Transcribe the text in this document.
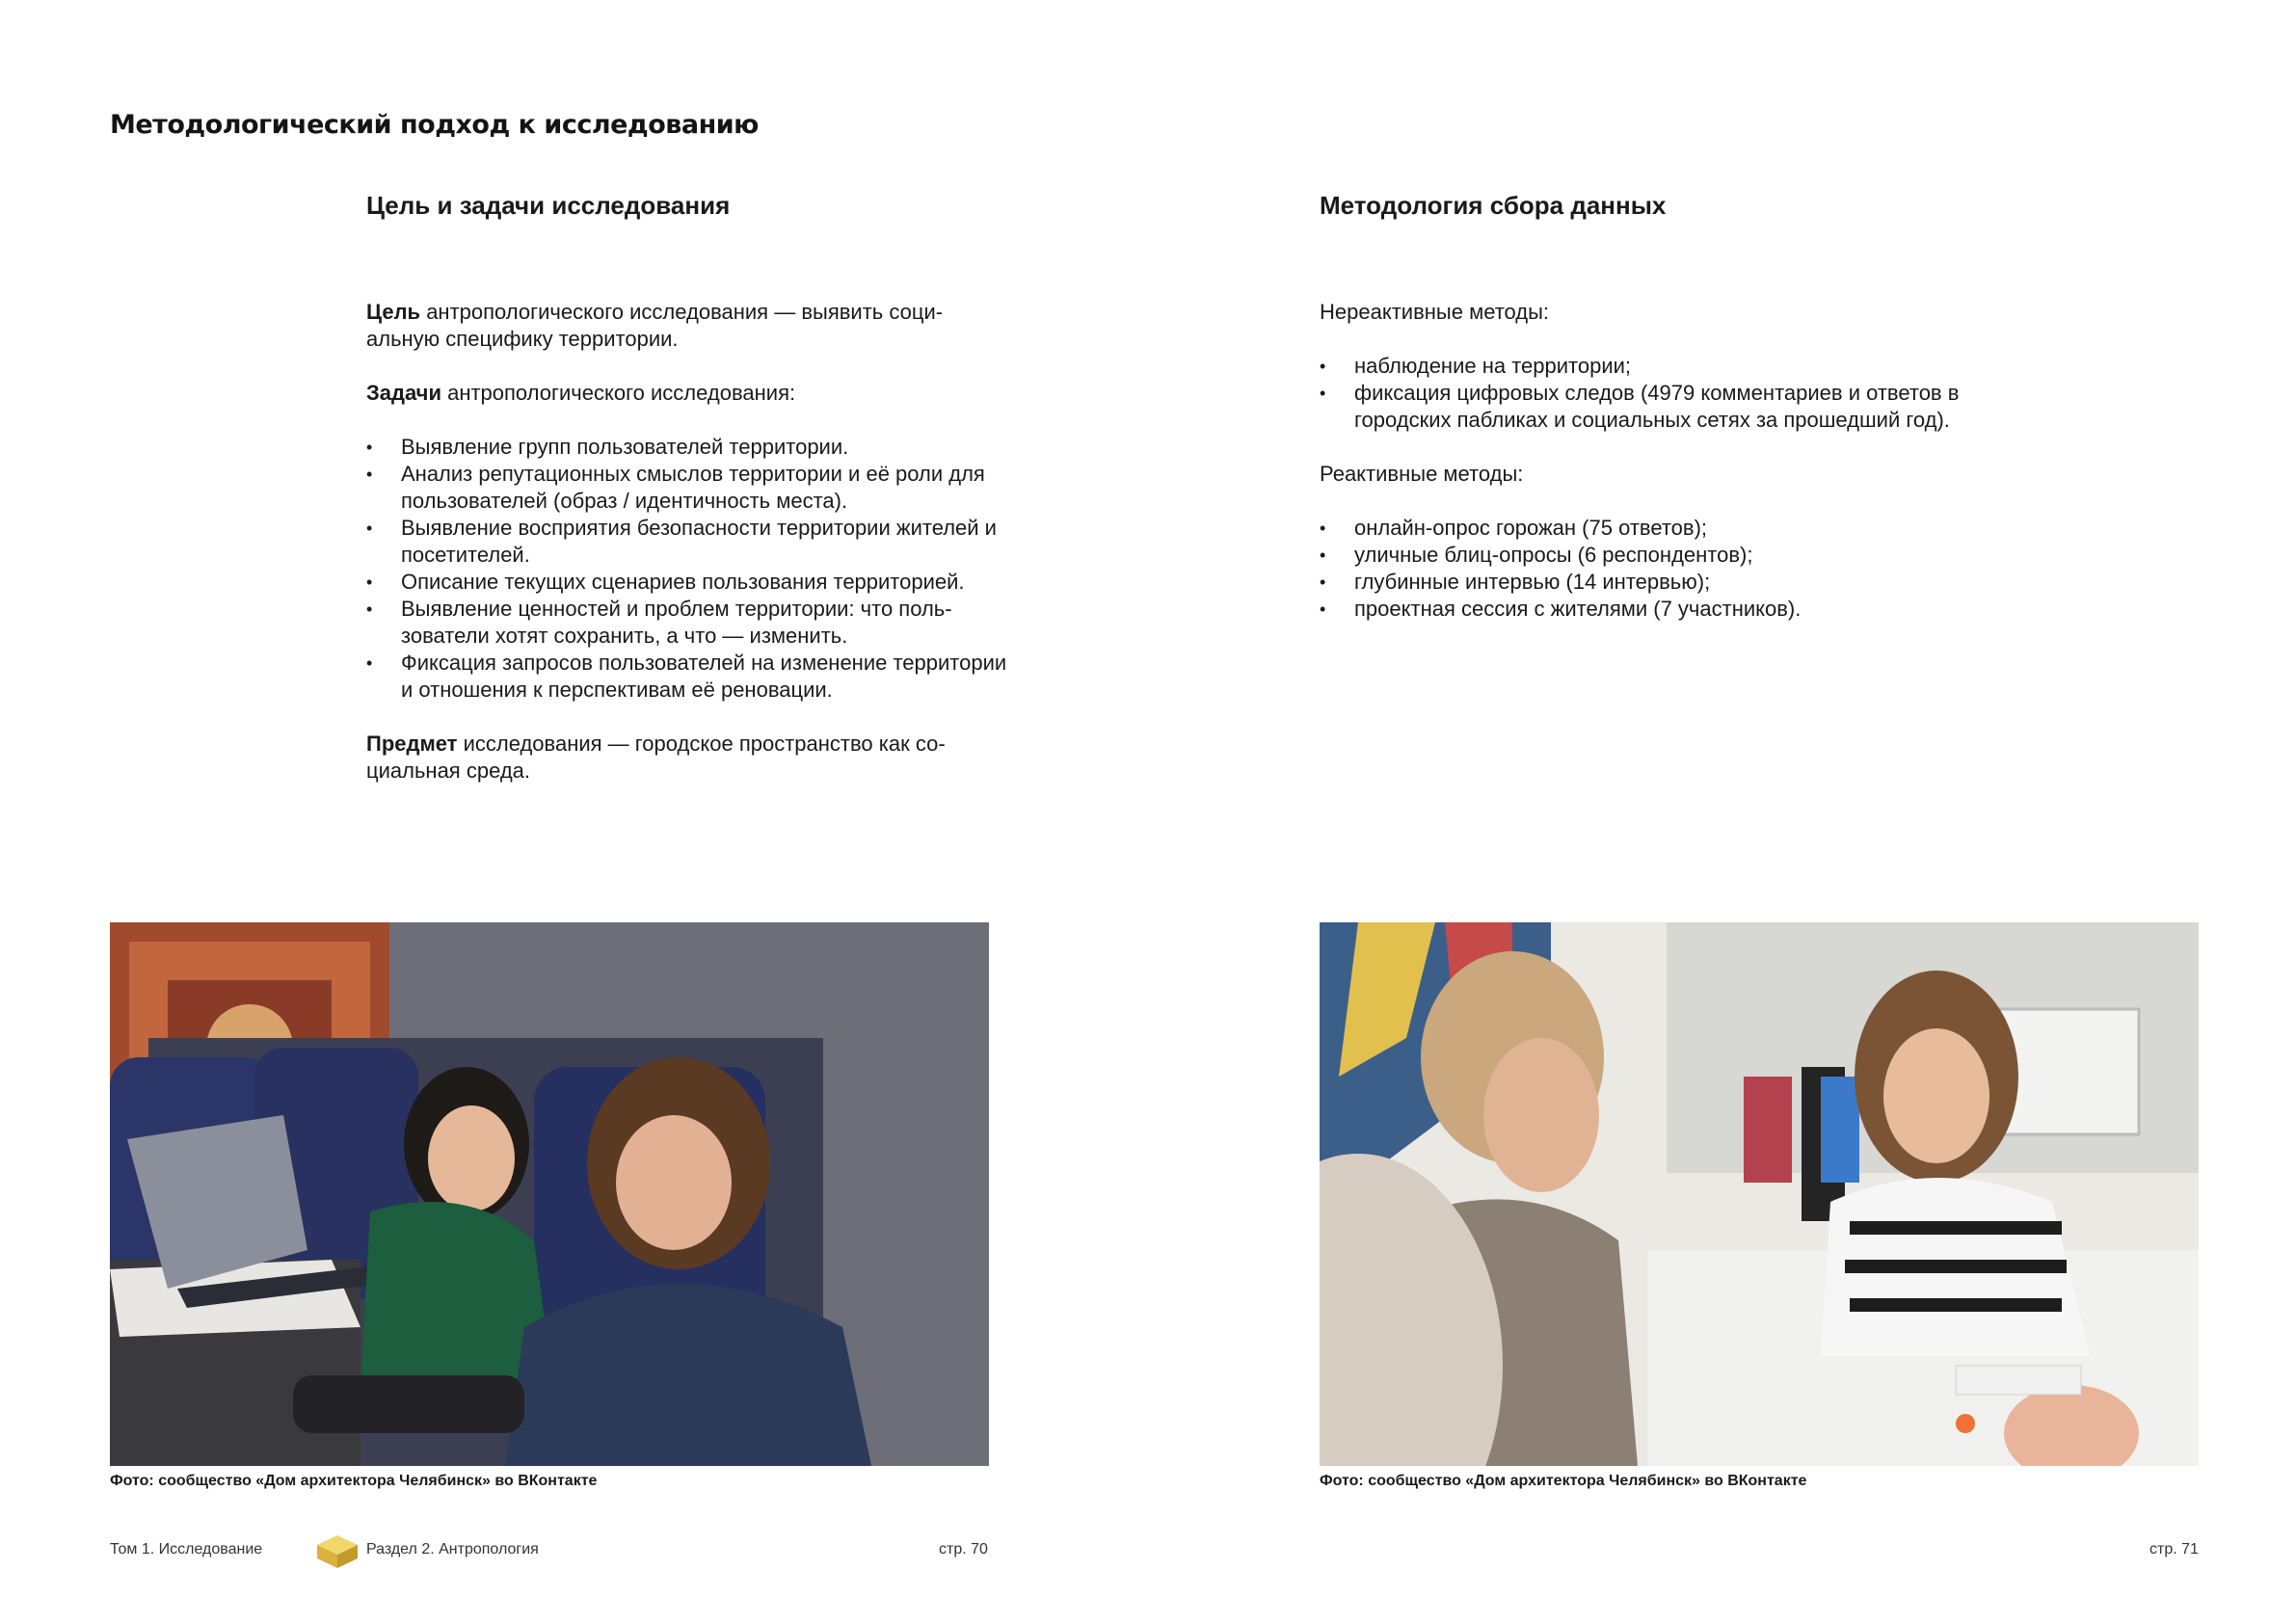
Методологический подход к исследованию
Цель и задачи исследования

Цель антропологического исследования — выявить социальную специфику территории.

Задачи антропологического исследования:

• Выявление групп пользователей территории.
• Анализ репутационных смыслов территории и её роли для пользователей (образ / идентичность места).
• Выявление восприятия безопасности территории жителей и посетителей.
• Описание текущих сценариев пользования территорией.
• Выявление ценностей и проблем территории: что пользователи хотят сохранить, а что — изменить.
• Фиксация запросов пользователей на изменение территории и отношения к перспективам её реновации.

Предмет исследования — городское пространство как социальная среда.

Методология сбора данных

Нереактивные методы:

• наблюдение на территории;
• фиксация цифровых следов (4979 комментариев и ответов в городских пабликах и социальных сетях за прошедший год).

Реактивные методы:

• онлайн-опрос горожан (75 ответов);
• уличные блиц-опросы (6 респондентов);
• глубинные интервью (14 интервью);
• проектная сессия с жителями (7 участников).
Фото: сообщество «Дом архитектора Челябинск» во ВКонтакте	Фото: сообщество «Дом архитектора Челябинск» во ВКонтакте
Том 1. Исследование	Раздел 2. Антропология	стр. 70	стр. 71
